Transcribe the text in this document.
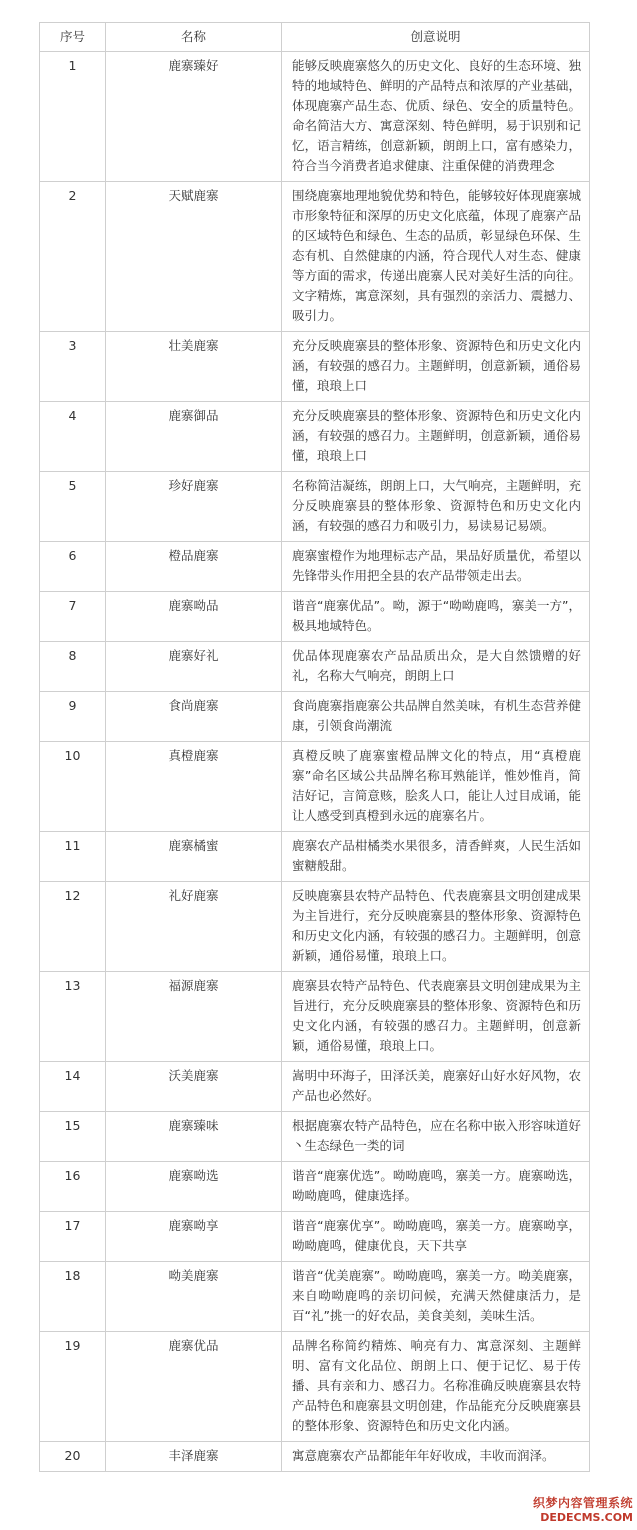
序号	名称	创意说明
1	鹿寨臻好	能够反映鹿寨悠久的历史文化、良好的生态环境、独特的地域特色、鲜明的产品特点和浓厚的产业基础，体现鹿寨产品生态、优质、绿色、安全的质量特色。命名简洁大方、寓意深刻、特色鲜明，易于识别和记忆，语言精练，创意新颖，朗朗上口，富有感染力，符合当今消费者追求健康、注重保健的消费理念
2	天赋鹿寨	围绕鹿寨地理地貌优势和特色，能够较好体现鹿寨城市形象特征和深厚的历史文化底蕴，体现了鹿寨产品的区域特色和绿色、生态的品质，彰显绿色环保、生态有机、自然健康的内涵，符合现代人对生态、健康等方面的需求，传递出鹿寨人民对美好生活的向往。文字精炼，寓意深刻，具有强烈的亲活力、震撼力、吸引力。
3	壮美鹿寨	充分反映鹿寨县的整体形象、资源特色和历史文化内涵，有较强的感召力。主题鲜明，创意新颖，通俗易懂，琅琅上口
4	鹿寨御品	充分反映鹿寨县的整体形象、资源特色和历史文化内涵，有较强的感召力。主题鲜明，创意新颖，通俗易懂，琅琅上口
5	珍好鹿寨	名称简洁凝练，朗朗上口，大气响亮，主题鲜明，充分反映鹿寨县的整体形象、资源特色和历史文化内涵，有较强的感召力和吸引力，易读易记易颂。
6	橙品鹿寨	鹿寨蜜橙作为地理标志产品，果品好质量优，希望以先锋带头作用把全县的农产品带领走出去。
7	鹿寨呦品	谐音“鹿寨优品”。呦，源于“呦呦鹿鸣，寨美一方”，极具地域特色。
8	鹿寨好礼	优品体现鹿寨农产品品质出众，是大自然馈赠的好礼，名称大气响亮，朗朗上口
9	食尚鹿寨	食尚鹿寨指鹿寨公共品牌自然美味，有机生态营养健康，引领食尚潮流
10	真橙鹿寨	真橙反映了鹿寨蜜橙品牌文化的特点，用“真橙鹿寨”命名区域公共品牌名称耳熟能详，惟妙惟肖，简洁好记，言简意赅，脍炙人口，能让人过目成诵，能让人感受到真橙到永远的鹿寨名片。
11	鹿寨橘蜜	鹿寨农产品柑橘类水果很多，清香鲜爽，人民生活如蜜糖般甜。
12	礼好鹿寨	反映鹿寨县农特产品特色、代表鹿寨县文明创建成果为主旨进行，充分反映鹿寨县的整体形象、资源特色和历史文化内涵，有较强的感召力。主题鲜明，创意新颖，通俗易懂，琅琅上口。
13	福源鹿寨	鹿寨县农特产品特色、代表鹿寨县文明创建成果为主旨进行，充分反映鹿寨县的整体形象、资源特色和历史文化内涵，有较强的感召力。主题鲜明，创意新颖，通俗易懂，琅琅上口。
14	沃美鹿寨	嵩明中环海子，田泽沃美，鹿寨好山好水好风物，农产品也必然好。
15	鹿寨臻味	根据鹿寨农特产品特色，应在名称中嵌入形容味道好丶生态绿色一类的词
16	鹿寨呦选	谐音“鹿寨优选”。呦呦鹿鸣，寨美一方。鹿寨呦选，呦呦鹿鸣，健康选择。
17	鹿寨呦享	谐音“鹿寨优享”。呦呦鹿鸣，寨美一方。鹿寨呦享，呦呦鹿鸣，健康优良，天下共享
18	呦美鹿寨	谐音“优美鹿寨”。呦呦鹿鸣，寨美一方。呦美鹿寨，来自呦呦鹿鸣的亲切问候，充满天然健康活力，是百“礼”挑一的好农品，美食美刻，美味生活。
19	鹿寨优品	品牌名称简约精炼、响亮有力、寓意深刻、主题鲜明、富有文化品位、朗朗上口、便于记忆、易于传播、具有亲和力、感召力。名称准确反映鹿寨县农特产品特色和鹿寨县文明创建，作品能充分反映鹿寨县的整体形象、资源特色和历史文化内涵。
20	丰泽鹿寨	寓意鹿寨农产品都能年年好收成，丰收而润泽。
织梦内容管理系统
DEDECMS.COM
